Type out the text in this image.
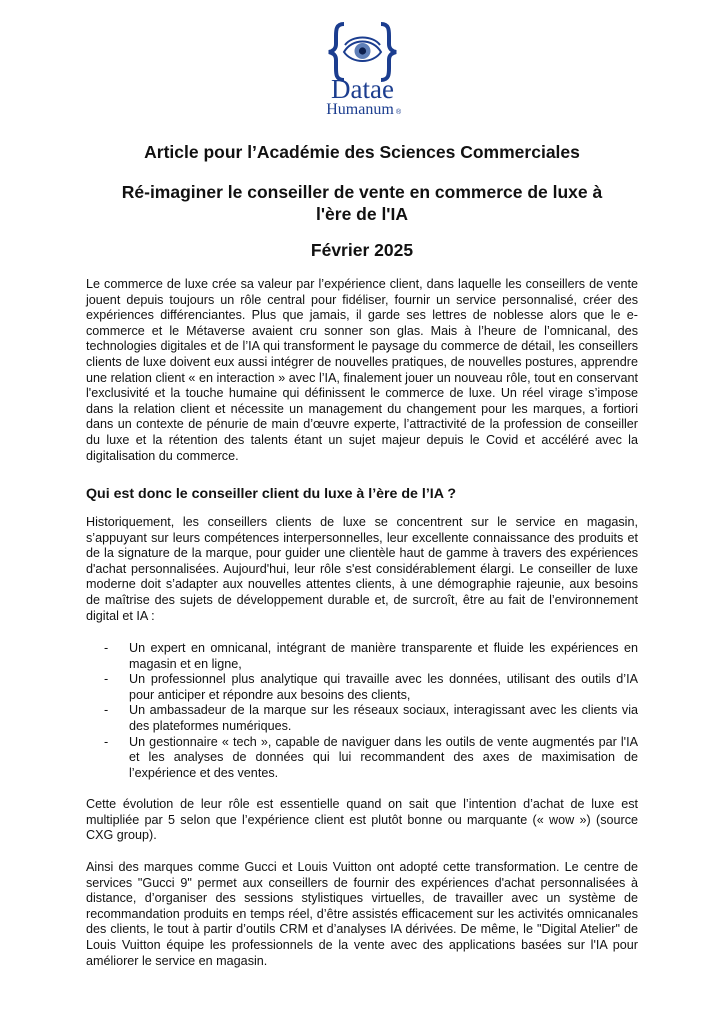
Datae
Humanum ®
Article pour l’Académie des Sciences Commerciales
Ré-imaginer le conseiller de vente en commerce de luxe à
l'ère de l'IA
Février 2025
Le commerce de luxe crée sa valeur par l’expérience client, dans laquelle les conseillers de vente jouent depuis toujours un rôle central pour fidéliser, fournir un service personnalisé, créer des expériences différenciantes. Plus que jamais, il garde ses lettres de noblesse alors que le e-commerce et le Métaverse avaient cru sonner son glas. Mais à l’heure de l’omnicanal, des technologies digitales et de l’IA qui transforment le paysage du commerce de détail, les conseillers clients de luxe doivent eux aussi intégrer de nouvelles pratiques, de nouvelles postures, apprendre une relation client « en interaction » avec l’IA, finalement jouer un nouveau rôle, tout en conservant l'exclusivité et la touche humaine qui définissent le commerce de luxe. Un réel virage s’impose dans la relation client et nécessite un management du changement pour les marques, a fortiori dans un contexte de pénurie de main d’œuvre experte, l’attractivité de la profession de conseiller du luxe et la rétention des talents étant un sujet majeur depuis le Covid et accéléré avec la digitalisation du commerce.
Qui est donc le conseiller client du luxe à l’ère de l’IA ?
Historiquement, les conseillers clients de luxe se concentrent sur le service en magasin, s’appuyant sur leurs compétences interpersonnelles, leur excellente connaissance des produits et de la signature de la marque, pour guider une clientèle haut de gamme à travers des expériences d'achat personnalisées. Aujourd'hui, leur rôle s'est considérablement élargi. Le conseiller de luxe moderne doit s’adapter aux nouvelles attentes clients, à une démographie rajeunie, aux besoins de maîtrise des sujets de développement durable et, de surcroît, être au fait de l’environnement digital et IA :
- Un expert en omnicanal, intégrant de manière transparente et fluide les expériences en magasin et en ligne,
- Un professionnel plus analytique qui travaille avec les données, utilisant des outils d’IA pour anticiper et répondre aux besoins des clients,
- Un ambassadeur de la marque sur les réseaux sociaux, interagissant avec les clients via des plateformes numériques.
- Un gestionnaire « tech », capable de naviguer dans les outils de vente augmentés par l'IA et les analyses de données qui lui recommandent des axes de maximisation de l’expérience et des ventes.
Cette évolution de leur rôle est essentielle quand on sait que l’intention d’achat de luxe est multipliée par 5 selon que l’expérience client est plutôt bonne ou marquante (« wow ») (source CXG group).
Ainsi des marques comme Gucci et Louis Vuitton ont adopté cette transformation. Le centre de services "Gucci 9" permet aux conseillers de fournir des expériences d'achat personnalisées à distance, d’organiser des sessions stylistiques virtuelles, de travailler avec un système de recommandation produits en temps réel, d’être assistés efficacement sur les activités omnicanales des clients, le tout à partir d’outils CRM et d’analyses IA dérivées. De même, le "Digital Atelier" de Louis Vuitton équipe les professionnels de la vente avec des applications basées sur l'IA pour améliorer le service en magasin.
